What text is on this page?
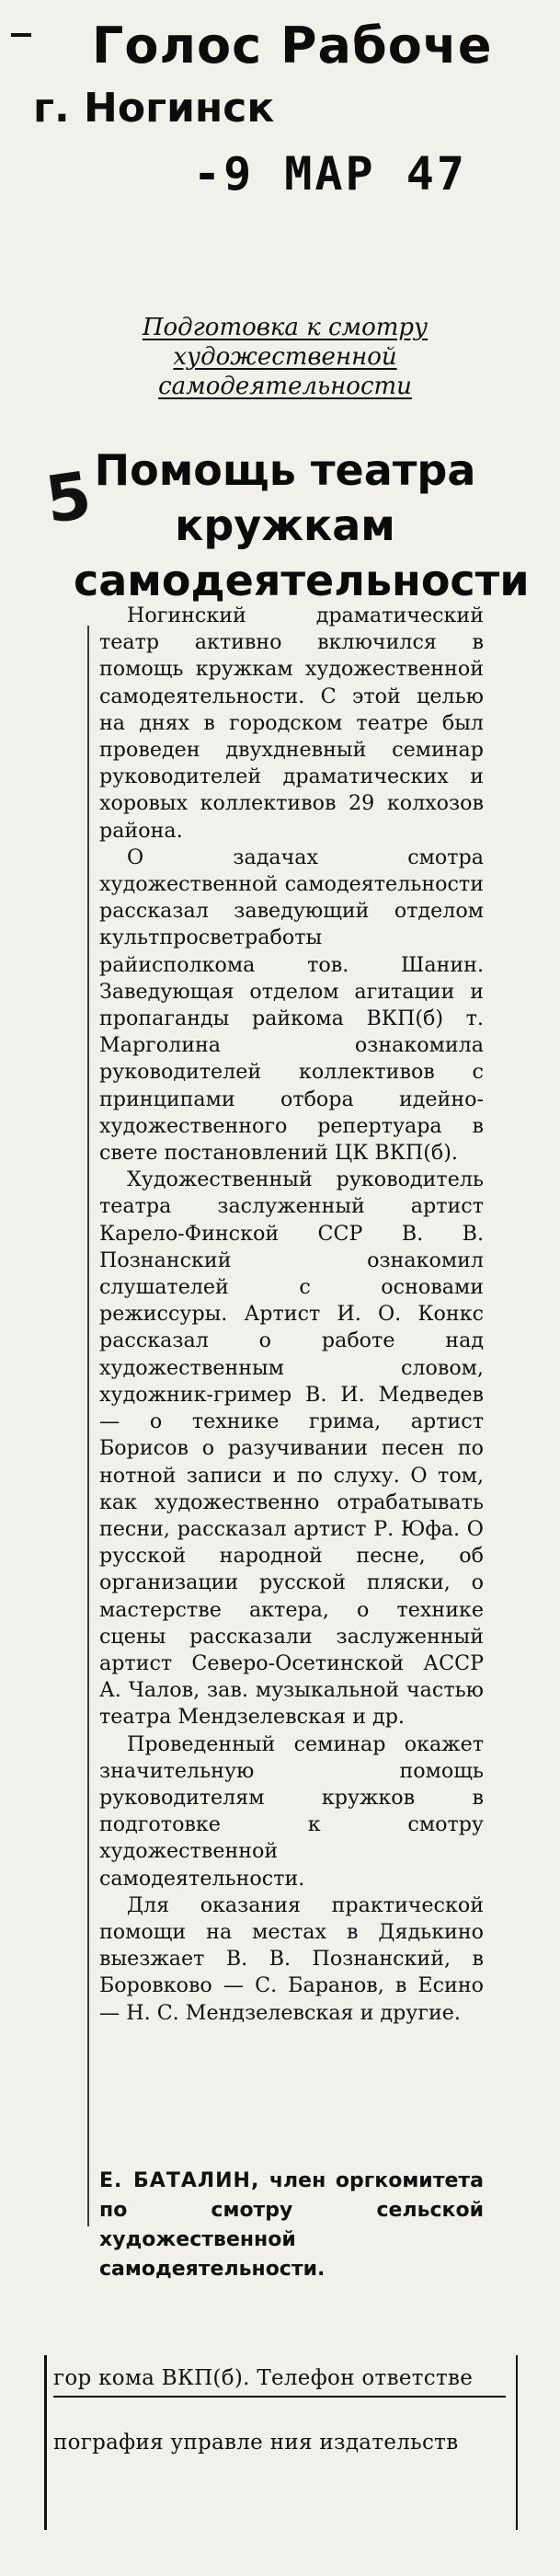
Голос Рабоче
г. Ногинск
-9 МАР 47
Подготовка к смотру
художественной
самодеятельности
5
Помощь театра
кружкам
самодеятельности

Ногинский драматический театр активно включился в помощь кружкам художественной самодеятельности. С этой целью на днях в городском театре был проведен двухдневный семинар руководителей драматических и хоровых коллективов 29 колхозов района.

О задачах смотра художественной самодеятельности рассказал заведующий отделом культпросветработы райисполкома тов. Шанин. Заведующая отделом агитации и пропаганды райкома ВКП(б) т. Марголина ознакомила руководителей коллективов с принципами отбора идейно-художественного репертуара в свете постановлений ЦК ВКП(б).

Художественный руководитель театра заслуженный артист Карело-Финской ССР В. В. Познанский ознакомил слушателей с основами режиссуры. Артист И. О. Конкс рассказал о работе над художественным словом, художник-гример В. И. Медведев — о технике грима, артист Борисов о разучивании песен по нотной записи и по слуху. О том, как художественно отрабатывать песни, рассказал артист Р. Юфа. О русской народной песне, об организации русской пляски, о мастерстве актера, о технике сцены рассказали заслуженный артист Северо-Осетинской АССР А. Чалов, зав. музыкальной частью театра Мендзелевская и др.

Проведенный семинар окажет значительную помощь руководителям кружков в подготовке к смотру художественной самодеятельности.

Для оказания практической помощи на местах в Дядькино выезжает В. В. Познанский, в Боровково — С. Баранов, в Есино — Н. С. Мендзелевская и другие.

Е. БАТАЛИН, член оргкомитета по смотру сельской художественной самодеятельности.
гор кома ВКП(б). Телефон ответстве
пография управле ния издательств
